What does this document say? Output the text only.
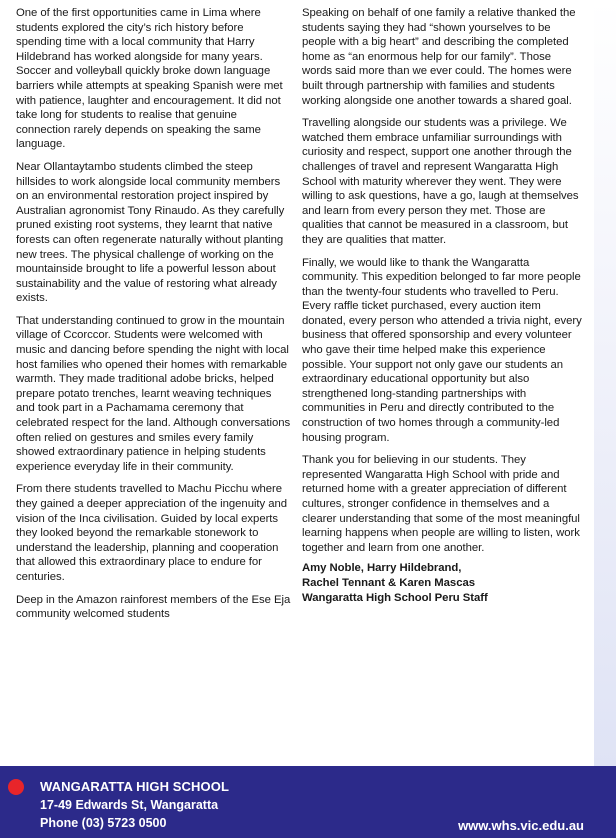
One of the first opportunities came in Lima where students explored the city’s rich history before spending time with a local community that Harry Hildebrand has worked alongside for many years. Soccer and volleyball quickly broke down language barriers while attempts at speaking Spanish were met with patience, laughter and encouragement. It did not take long for students to realise that genuine connection rarely depends on speaking the same language.

Near Ollantaytambo students climbed the steep hillsides to work alongside local community members on an environmental restoration project inspired by Australian agronomist Tony Rinaudo. As they carefully pruned existing root systems, they learnt that native forests can often regenerate naturally without planting new trees. The physical challenge of working on the mountainside brought to life a powerful lesson about sustainability and the value of restoring what already exists.

That understanding continued to grow in the mountain village of Ccorccor. Students were welcomed with music and dancing before spending the night with local host families who opened their homes with remarkable warmth. They made traditional adobe bricks, helped prepare potato trenches, learnt weaving techniques and took part in a Pachamama ceremony that celebrated respect for the land. Although conversations often relied on gestures and smiles every family showed extraordinary patience in helping students experience everyday life in their community.

From there students travelled to Machu Picchu where they gained a deeper appreciation of the ingenuity and vision of the Inca civilisation. Guided by local experts they looked beyond the remarkable stonework to understand the leadership, planning and cooperation that allowed this extraordinary place to endure for centuries.

Deep in the Amazon rainforest members of the Ese Eja community welcomed students

Speaking on behalf of one family a relative thanked the students saying they had “shown yourselves to be people with a big heart” and describing the completed home as “an enormous help for our family”. Those words said more than we ever could. The homes were built through partnership with families and students working alongside one another towards a shared goal.

Travelling alongside our students was a privilege. We watched them embrace unfamiliar surroundings with curiosity and respect, support one another through the challenges of travel and represent Wangaratta High School with maturity wherever they went. They were willing to ask questions, have a go, laugh at themselves and learn from every person they met. Those are qualities that cannot be measured in a classroom, but they are qualities that matter.

Finally, we would like to thank the Wangaratta community. This expedition belonged to far more people than the twenty-four students who travelled to Peru. Every raffle ticket purchased, every auction item donated, every person who attended a trivia night, every business that offered sponsorship and every volunteer who gave their time helped make this experience possible. Your support not only gave our students an extraordinary educational opportunity but also strengthened long-standing partnerships with communities in Peru and directly contributed to the construction of two homes through a community-led housing program.

Thank you for believing in our students. They represented Wangaratta High School with pride and returned home with a greater appreciation of different cultures, stronger confidence in themselves and a clearer understanding that some of the most meaningful learning happens when people are willing to listen, work together and learn from one another.

Amy Noble, Harry Hildebrand,
Rachel Tennant & Karen Mascas
Wangaratta High School Peru Staff
WANGARATTA HIGH SCHOOL
17-49 Edwards St, Wangaratta
Phone (03) 5723 0500	www.whs.vic.edu.au
